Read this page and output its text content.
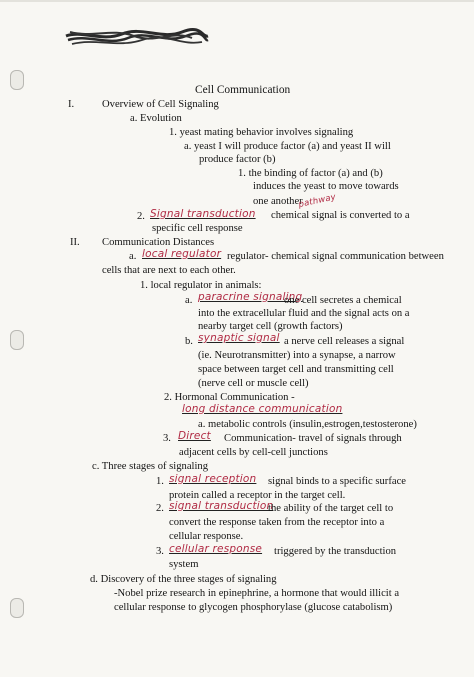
Cell Communication
I.	Overview of Cell Signaling
a. Evolution
1. yeast mating behavior involves signaling
a. yeast I will produce factor (a) and yeast II will
produce factor (b)
1. the binding of factor (a) and (b)
induces the yeast to move towards
one another
pathway
2. Signal transduction chemical signal is converted to a
specific cell response
II. Communication Distances
a. local regulator regulator- chemical signal communication between
cells that are next to each other.
1. local regulator in animals:
a. paracrine signaling
one cell secretes a chemical
into the extracellular fluid and the signal acts on a
nearby target cell (growth factors)
b. synaptic signal a nerve cell releases a signal
(ie. Neurotransmitter) into a synapse, a narrow
space between target cell and transmitting cell
(nerve cell or muscle cell)
2. Hormonal Communication -
long distance communication
a. metabolic controls (insulin,estrogen,testosterone)
3. Direct Communication- travel of signals through
adjacent cells by cell-cell junctions
c. Three stages of signaling
1. signal reception signal binds to a specific surface
protein called a receptor in the target cell.
2. signal transduction
the ability of the target cell to
convert the response taken from the receptor into a
cellular response.
3. cellular response triggered by the transduction
system
d. Discovery of the three stages of signaling
-Nobel prize research in epinephrine, a hormone that would illicit a
cellular response to glycogen phosphorylase (glucose catabolism)
